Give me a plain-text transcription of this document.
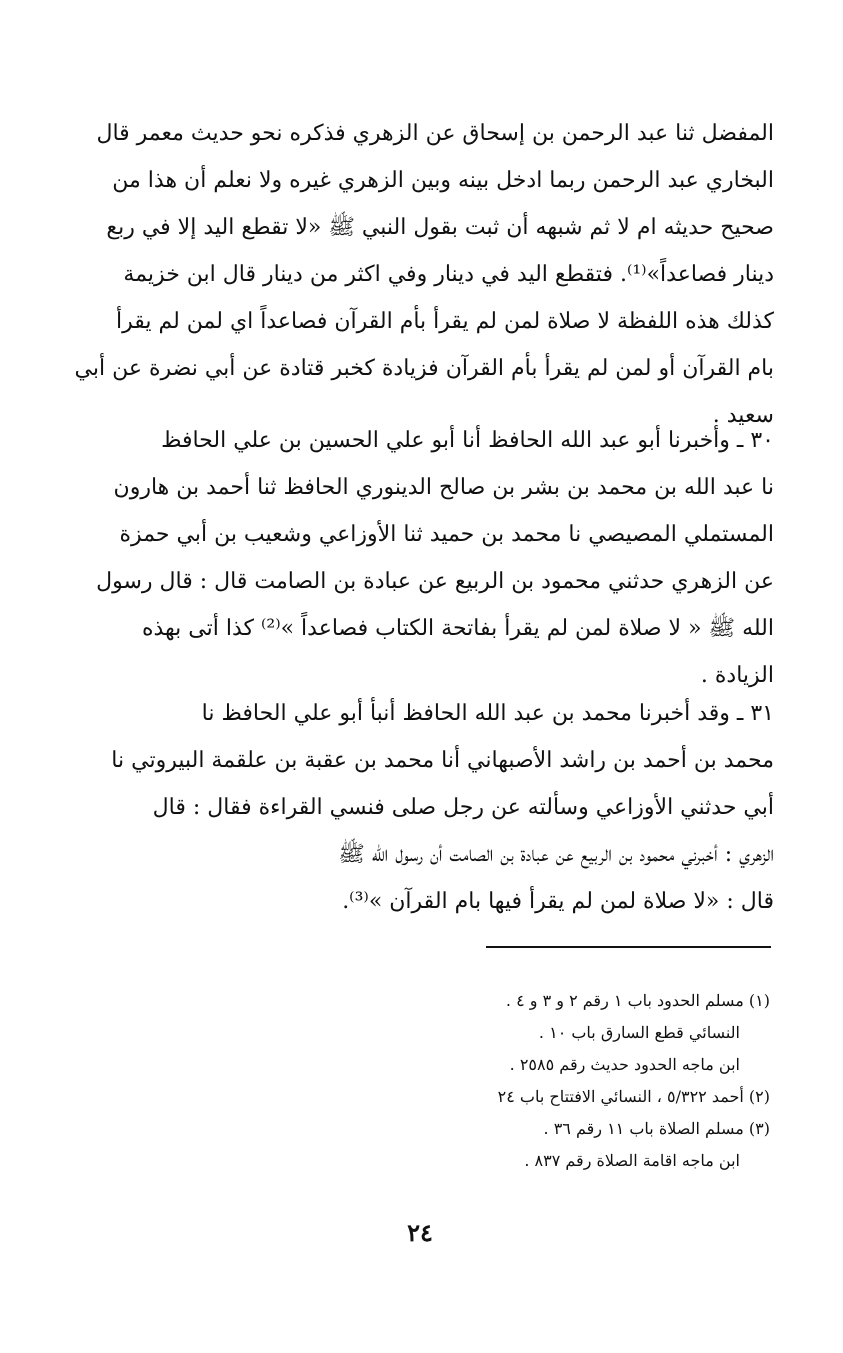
المفضل ثنا عبد الرحمن بن إسحاق عن الزهري فذكره نحو حديث معمر قال
البخاري عبد الرحمن ربما ادخل بينه وبين الزهري غيره ولا نعلم أن هذا من
صحيح حديثه ام لا ثم شبهه أن ثبت بقول النبي ﷺ «لا تقطع اليد إلا في ربع
دينار فصاعداً»⁽¹⁾. فتقطع اليد في دينار وفي اكثر من دينار قال ابن خزيمة
كذلك هذه اللفظة لا صلاة لمن لم يقرأ بأم القرآن فصاعداً اي لمن لم يقرأ
بام القرآن أو لمن لم يقرأ بأم القرآن فزيادة كخبر قتادة عن أبي نضرة عن أبي
سعيد .
٣٠ ـ وأخبرنا أبو عبد الله الحافظ أنا أبو علي الحسين بن علي الحافظ
نا عبد الله بن محمد بن بشر بن صالح الدينوري الحافظ ثنا أحمد بن هارون
المستملي المصيصي نا محمد بن حميد ثنا الأوزاعي وشعيب بن أبي حمزة
عن الزهري حدثني محمود بن الربيع عن عبادة بن الصامت قال : قال رسول
الله ﷺ « لا صلاة لمن لم يقرأ بفاتحة الكتاب فصاعداً »⁽²⁾ كذا أتى بهذه
الزيادة .
٣١ ـ وقد أخبرنا محمد بن عبد الله الحافظ أنبأ أبو علي الحافظ نا
محمد بن أحمد بن راشد الأصبهاني أنا محمد بن عقبة بن علقمة البيروتي نا
أبي حدثني الأوزاعي وسألته عن رجل صلى فنسي القراءة فقال : قال
الزهري : أخبرني محمود بن الربيع عن عبادة بن الصامت أن رسول الله ﷺ
قال : «لا صلاة لمن لم يقرأ فيها بام القرآن »⁽³⁾.
(١) مسلم الحدود باب ١ رقم ٢ و ٣ و ٤ .
النسائي قطع السارق باب ١٠ .
ابن ماجه الحدود حديث رقم ٢٥٨٥ .
(٢) أحمد ٥/٣٢٢ ، النسائي الافتتاح باب ٢٤
(٣) مسلم الصلاة باب ١١ رقم ٣٦ .
ابن ماجه اقامة الصلاة رقم ٨٣٧ .
٢٤
